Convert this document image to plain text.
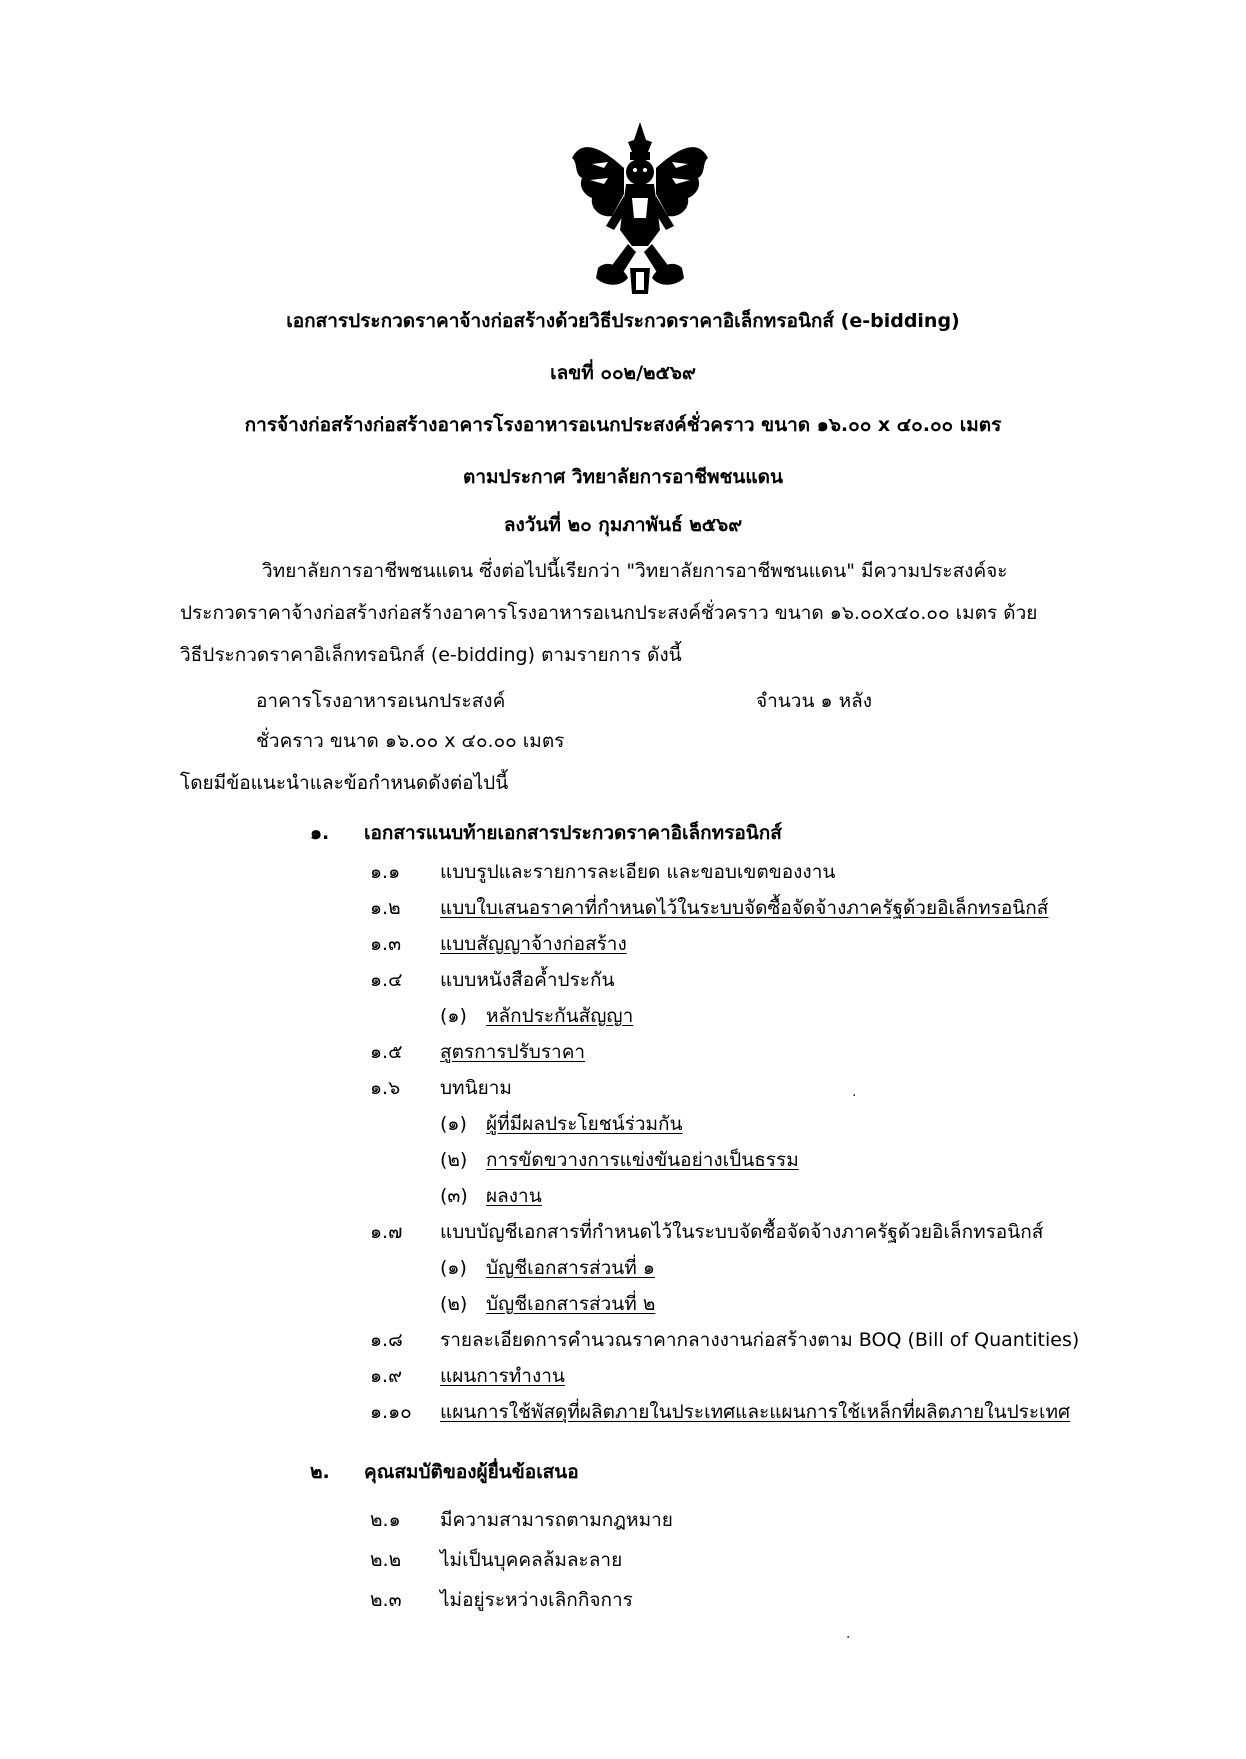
เอกสารประกวดราคาจ้างก่อสร้างด้วยวิธีประกวดราคาอิเล็กทรอนิกส์ (e-bidding)
เลขที่ ๐๐๒/๒๕๖๙
การจ้างก่อสร้างก่อสร้างอาคารโรงอาหารอเนกประสงค์ชั่วคราว ขนาด ๑๖.๐๐ x ๔๐.๐๐ เมตร
ตามประกาศ วิทยาลัยการอาชีพชนแดน
ลงวันที่ ๒๐ กุมภาพันธ์ ๒๕๖๙
วิทยาลัยการอาชีพชนแดน ซึ่งต่อไปนี้เรียกว่า "วิทยาลัยการอาชีพชนแดน" มีความประสงค์จะ
ประกวดราคาจ้างก่อสร้างก่อสร้างอาคารโรงอาหารอเนกประสงค์ชั่วคราว ขนาด ๑๖.๐๐x๔๐.๐๐ เมตร ด้วย
วิธีประกวดราคาอิเล็กทรอนิกส์ (e-bidding) ตามรายการ ดังนี้
อาคารโรงอาหารอเนกประสงค์	จำนวน ๑ หลัง
ชั่วคราว ขนาด ๑๖.๐๐ x ๔๐.๐๐ เมตร
โดยมีข้อแนะนำและข้อกำหนดดังต่อไปนี้
๑. เอกสารแนบท้ายเอกสารประกวดราคาอิเล็กทรอนิกส์
๑.๑ แบบรูปและรายการละเอียด และขอบเขตของงาน
๑.๒ แบบใบเสนอราคาที่กำหนดไว้ในระบบจัดซื้อจัดจ้างภาครัฐด้วยอิเล็กทรอนิกส์
๑.๓ แบบสัญญาจ้างก่อสร้าง
๑.๔ แบบหนังสือค้ำประกัน
(๑) หลักประกันสัญญา
๑.๕ สูตรการปรับราคา
๑.๖ บทนิยาม
(๑) ผู้ที่มีผลประโยชน์ร่วมกัน
(๒) การขัดขวางการแข่งขันอย่างเป็นธรรม
(๓) ผลงาน
๑.๗ แบบบัญชีเอกสารที่กำหนดไว้ในระบบจัดซื้อจัดจ้างภาครัฐด้วยอิเล็กทรอนิกส์
(๑) บัญชีเอกสารส่วนที่ ๑
(๒) บัญชีเอกสารส่วนที่ ๒
๑.๘ รายละเอียดการคำนวณราคากลางงานก่อสร้างตาม BOQ (Bill of Quantities)
๑.๙ แผนการทำงาน
๑.๑๐ แผนการใช้พัสดุที่ผลิตภายในประเทศและแผนการใช้เหล็กที่ผลิตภายในประเทศ
๒. คุณสมบัติของผู้ยื่นข้อเสนอ
๒.๑ มีความสามารถตามกฎหมาย
๒.๒ ไม่เป็นบุคคลล้มละลาย
๒.๓ ไม่อยู่ระหว่างเลิกกิจการ
·
·
